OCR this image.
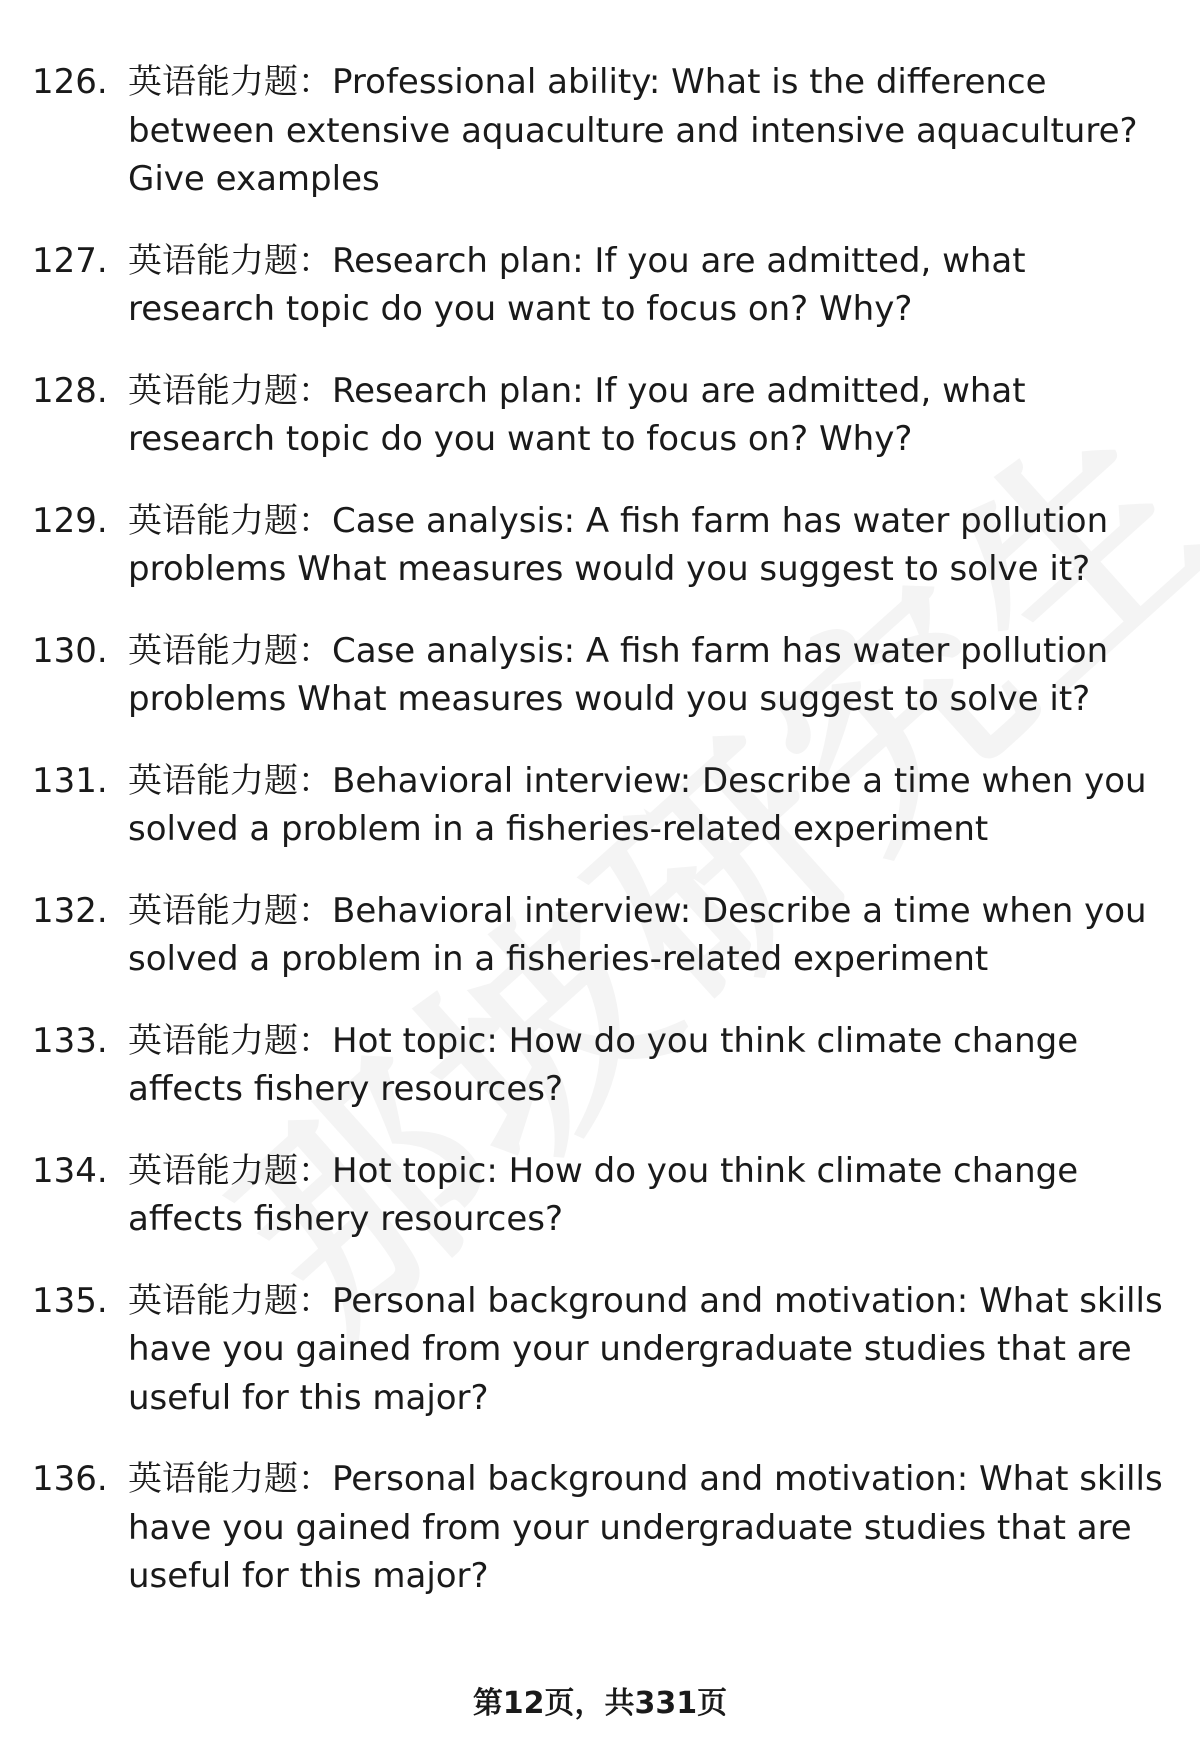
126. 英语能力题：Professional ability: What is the difference between extensive aquaculture and intensive aquaculture? Give examples
127. 英语能力题：Research plan: If you are admitted, what research topic do you want to focus on? Why?
128. 英语能力题：Research plan: If you are admitted, what research topic do you want to focus on? Why?
129. 英语能力题：Case analysis: A fish farm has water pollution problems What measures would you suggest to solve it?
130. 英语能力题：Case analysis: A fish farm has water pollution problems What measures would you suggest to solve it?
131. 英语能力题：Behavioral interview: Describe a time when you solved a problem in a fisheries-related experiment
132. 英语能力题：Behavioral interview: Describe a time when you solved a problem in a fisheries-related experiment
133. 英语能力题：Hot topic: How do you think climate change affects fishery resources?
134. 英语能力题：Hot topic: How do you think climate change affects fishery resources?
135. 英语能力题：Personal background and motivation: What skills have you gained from your undergraduate studies that are useful for this major?
136. 英语能力题：Personal background and motivation: What skills have you gained from your undergraduate studies that are useful for this major?
第12页，共331页
